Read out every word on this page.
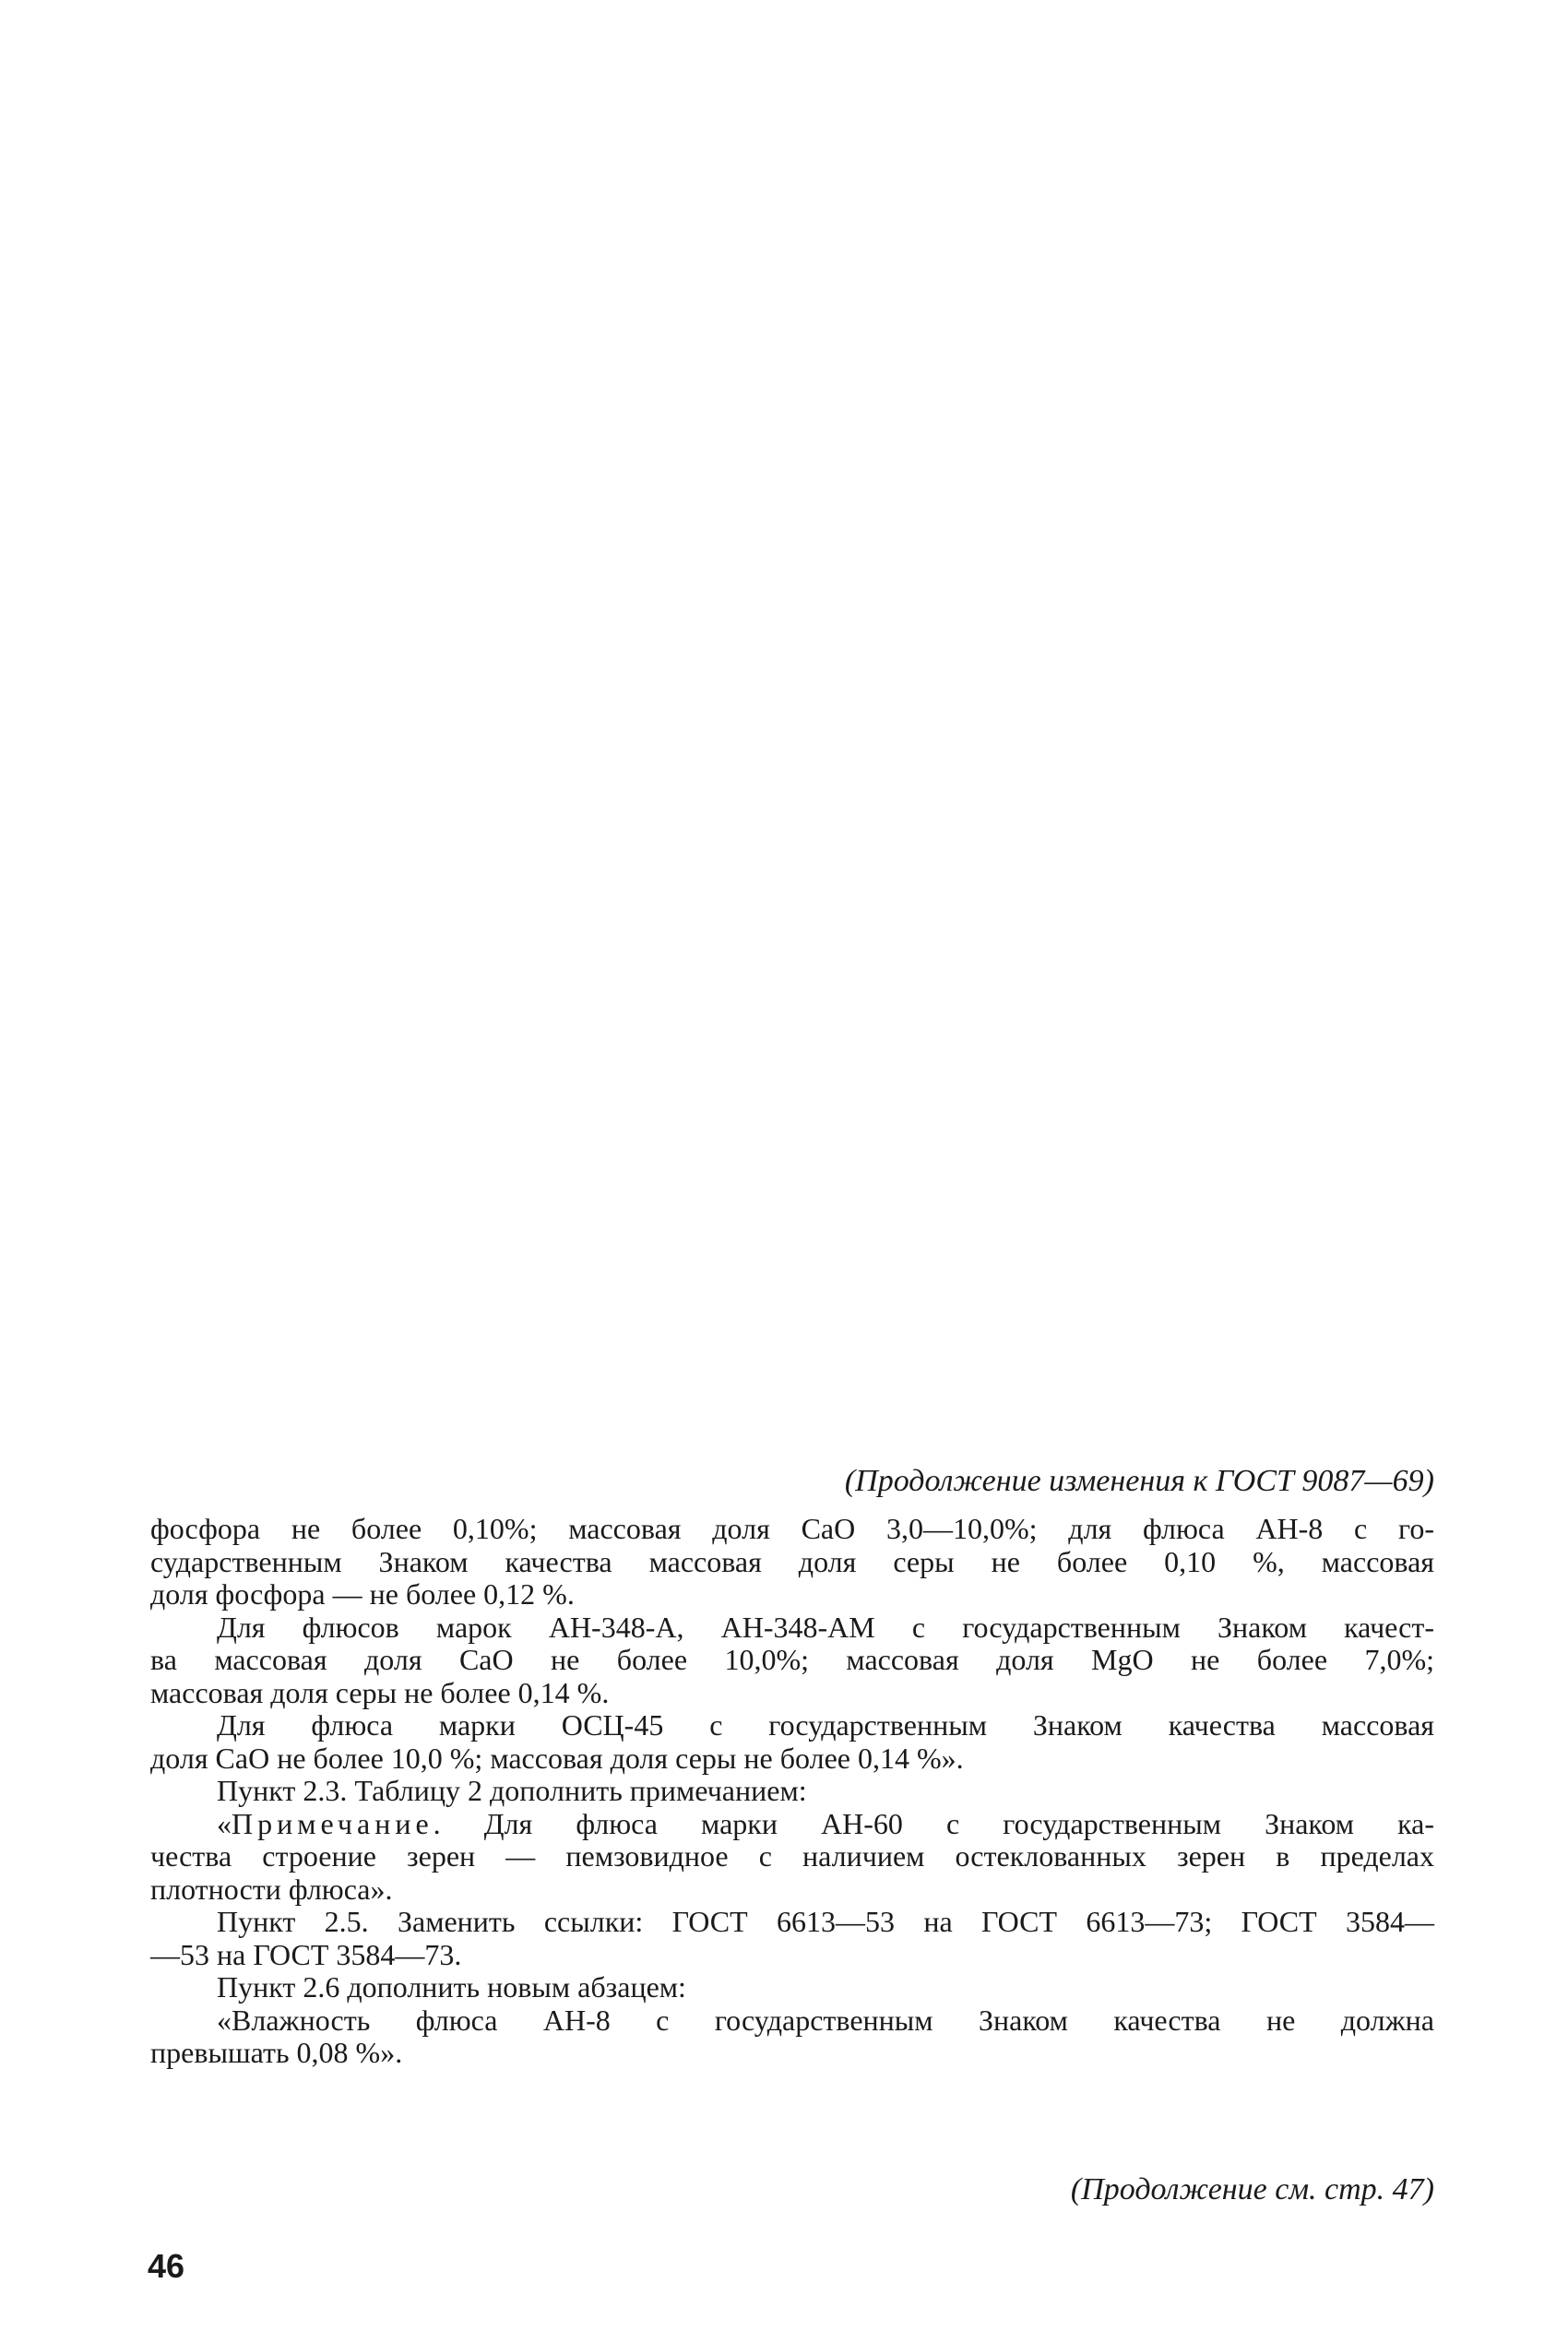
(Продолжение изменения к ГОСТ 9087—69)
фосфора не более 0,10%; массовая доля CaO 3,0—10,0%; для флюса АН-8 с го-
сударственным Знаком качества массовая доля серы не более 0,10 %, массовая
доля фосфора — не более 0,12 %.
Для флюсов марок АН-348-А, АН-348-АМ с государственным Знаком качест-
ва массовая доля CaO не более 10,0%; массовая доля MgO не более 7,0%;
массовая доля серы не более 0,14 %.
Для флюса марки ОСЦ-45 с государственным Знаком качества массовая
доля CaO не более 10,0 %; массовая доля серы не более 0,14 %».
Пункт 2.3. Таблицу 2 дополнить примечанием:
«Примечание. Для флюса марки АН-60 с государственным Знаком ка-
чества строение зерен — пемзовидное с наличием остеклованных зерен в пределах
плотности флюса».
Пункт 2.5. Заменить ссылки: ГОСТ 6613—53 на ГОСТ 6613—73; ГОСТ 3584—
—53 на ГОСТ 3584—73.
Пункт 2.6 дополнить новым абзацем:
«Влажность флюса АН-8 с государственным Знаком качества не должна
превышать 0,08 %».
(Продолжение см. стр. 47)
46
